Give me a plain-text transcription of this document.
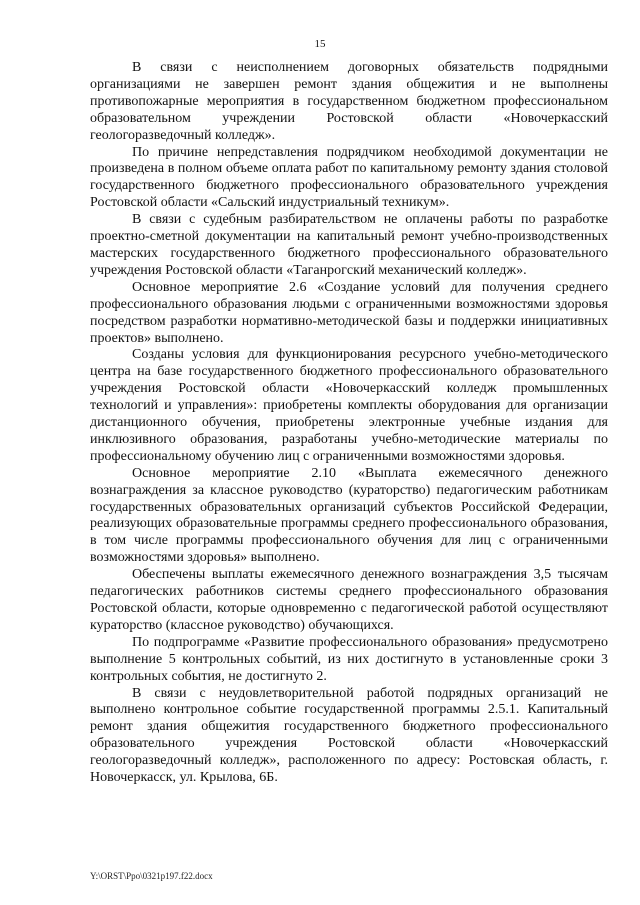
15

В связи с неисполнением договорных обязательств подрядными организациями не завершен ремонт здания общежития и не выполнены противопожарные мероприятия в государственном бюджетном профессиональном образовательном учреждении Ростовской области «Новочеркасский геологоразведочный колледж».

По причине непредставления подрядчиком необходимой документации не произведена в полном объеме оплата работ по капитальному ремонту здания столовой государственного бюджетного профессионального образовательного учреждения Ростовской области «Сальский индустриальный техникум».

В связи с судебным разбирательством не оплачены работы по разработке проектно-сметной документации на капитальный ремонт учебно-производственных мастерских государственного бюджетного профессионального образовательного учреждения Ростовской области «Таганрогский механический колледж».

Основное мероприятие 2.6 «Создание условий для получения среднего профессионального образования людьми с ограниченными возможностями здоровья посредством разработки нормативно-методической базы и поддержки инициативных проектов» выполнено.

Созданы условия для функционирования ресурсного учебно-методического центра на базе государственного бюджетного профессионального образовательного учреждения Ростовской области «Новочеркасский колледж промышленных технологий и управления»: приобретены комплекты оборудования для организации дистанционного обучения, приобретены электронные учебные издания для инклюзивного образования, разработаны учебно-методические материалы по профессиональному обучению лиц с ограниченными возможностями здоровья.

Основное мероприятие 2.10 «Выплата ежемесячного денежного вознаграждения за классное руководство (кураторство) педагогическим работникам государственных образовательных организаций субъектов Российской Федерации, реализующих образовательные программы среднего профессионального образования, в том числе программы профессионального обучения для лиц с ограниченными возможностями здоровья» выполнено.

Обеспечены выплаты ежемесячного денежного вознаграждения 3,5 тысячам педагогических работников системы среднего профессионального образования Ростовской области, которые одновременно с педагогической работой осуществляют кураторство (классное руководство) обучающихся.

По подпрограмме «Развитие профессионального образования» предусмотрено выполнение 5 контрольных событий, из них достигнуто в установленные сроки 3 контрольных события, не достигнуто 2.

В связи с неудовлетворительной работой подрядных организаций не выполнено контрольное событие государственной программы 2.5.1. Капитальный ремонт здания общежития государственного бюджетного профессионального образовательного учреждения Ростовской области «Новочеркасский геологоразведочный колледж», расположенного по адресу: Ростовская область, г. Новочеркасск, ул. Крылова, 6Б.

Y:\ORST\Ppo\0321p197.f22.docx
